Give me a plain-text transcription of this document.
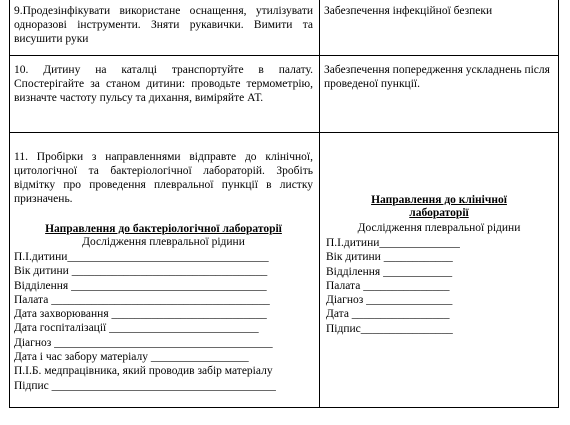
9.Продезінфікувати використане оснащення, утилізувати одноразові інструменти. Зняти рукавички. Вимити та висушити руки
Забезпечення інфекційної безпеки
10. Дитину на каталці транспортуйте в палату. Спостерігайте за станом дитини: проводьте термометрію, визначте частоту пульсу та дихання, виміряйте АТ.
Забезпечення попередження ускладнень після проведеної пункції.
11. Пробірки з направленнями відправте до клінічної, цитологічної та бактеріологічної лабораторій. Зробіть відмітку про проведення плевральної пункції в листку призначень.
Направлення до бактеріологічної лабораторії
Дослідження плевральної рідини
П.І.дитини___________________________________
Вік дитини __________________________________
Відділення __________________________________
Палата ______________________________________
Дата захворювання ___________________________
Дата госпіталізації __________________________
Діагноз ______________________________________
Дата і час забору матеріалу _________________
П.І.Б. медпрацівника, який проводив забір матеріалу
Підпис _______________________________________
Направлення до клінічної
лабораторії
Дослідження плевральної рідини
П.І.дитини______________
Вік дитини ____________
Відділення ____________
Палата _______________
Діагноз _______________
Дата _________________
Підпис________________
